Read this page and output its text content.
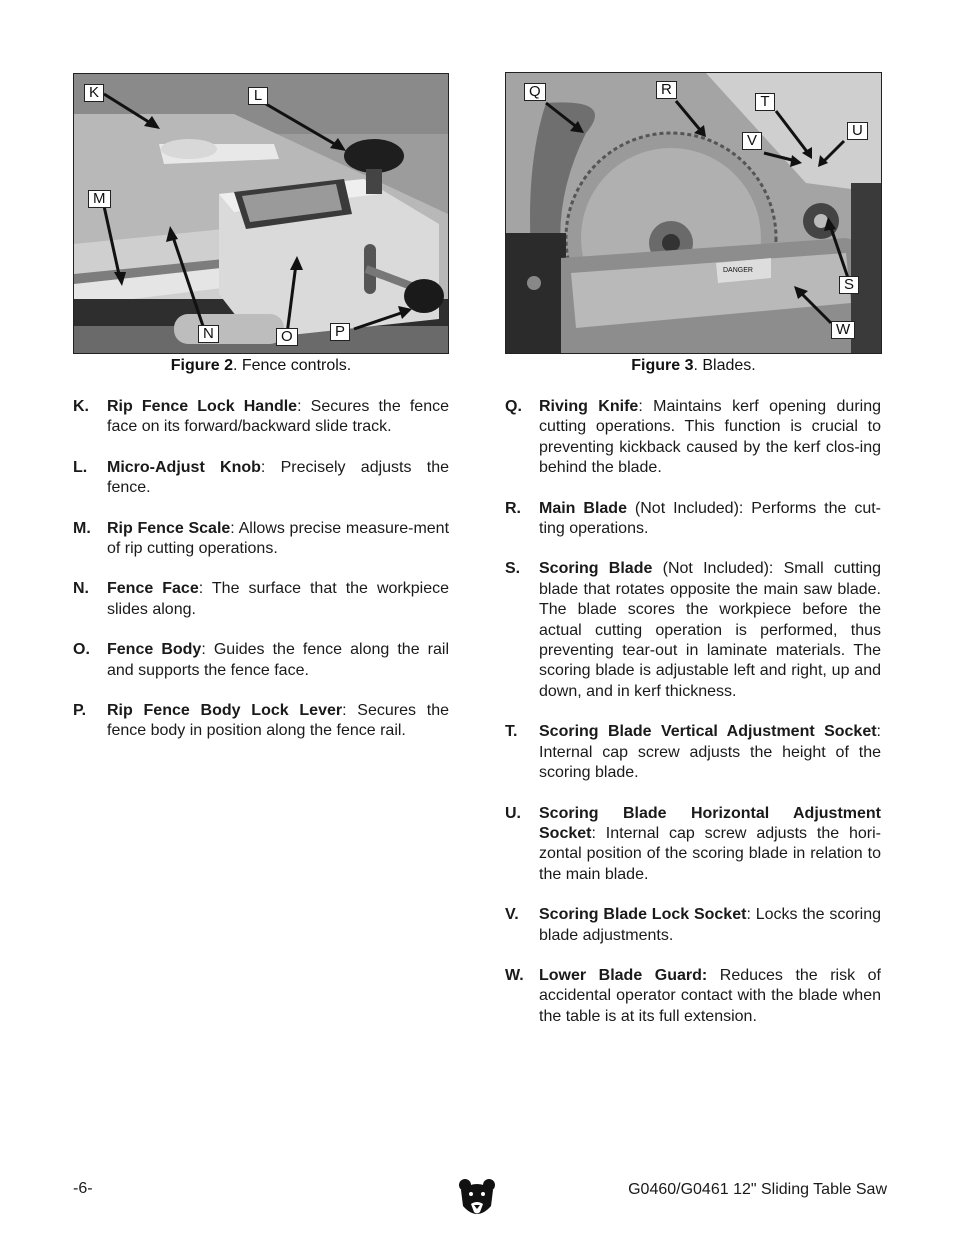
K	L
M
N	O	P
Figure 2. Fence controls.
DANGER
Q	R
T
V
U
S
W
Figure 3. Blades.
K. Rip Fence Lock Handle: Secures the fence face on its forward/backward slide track.
L. Micro-Adjust Knob: Precisely adjusts the fence.
M. Rip Fence Scale: Allows precise measure-ment of rip cutting operations.
N. Fence Face: The surface that the workpiece slides along.
O. Fence Body: Guides the fence along the rail and supports the fence face.
P. Rip Fence Body Lock Lever: Secures the fence body in position along the fence rail.
Q. Riving Knife: Maintains kerf opening during cutting operations. This function is crucial to preventing kickback caused by the kerf clos-ing behind the blade.
R. Main Blade (Not Included): Performs the cut-ting operations.
S. Scoring Blade (Not Included): Small cutting blade that rotates opposite the main saw blade. The blade scores the workpiece before the actual cutting operation is performed, thus preventing tear-out in laminate materials. The scoring blade is adjustable left and right, up and down, and in kerf thickness.
T. Scoring Blade Vertical Adjustment Socket: Internal cap screw adjusts the height of the scoring blade.
U. Scoring Blade Horizontal Adjustment Socket: Internal cap screw adjusts the hori-zontal position of the scoring blade in relation to the main blade.
V. Scoring Blade Lock Socket: Locks the scoring blade adjustments.
W. Lower Blade Guard: Reduces the risk of accidental operator contact with the blade when the table is at its full extension.
-6-	G0460/G0461 12" Sliding Table Saw
